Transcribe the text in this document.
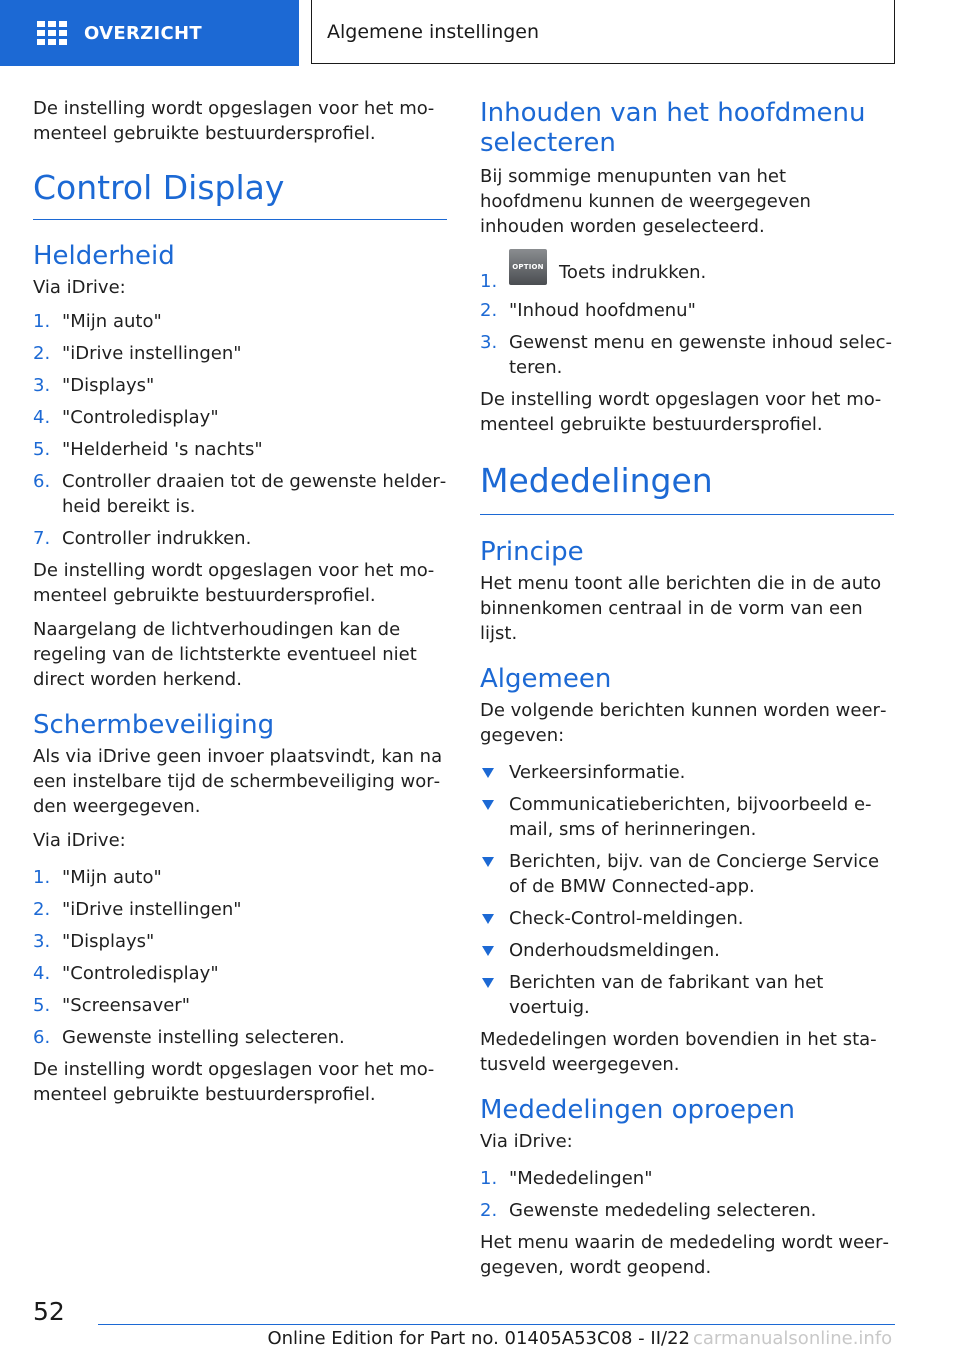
OVERZICHT	Algemene instellingen

De instelling wordt opgeslagen voor het momenteel gebruikte bestuurdersprofiel.

Control Display
Helderheid

Via iDrive:

1. "Mijn auto"
2. "iDrive instellingen"
3. "Displays"
4. "Controledisplay"
5. "Helderheid 's nachts"
6. Controller draaien tot de gewenste helderheid bereikt is.
7. Controller indrukken.

De instelling wordt opgeslagen voor het momenteel gebruikte bestuurdersprofiel.

Naargelang de lichtverhoudingen kan de regeling van de lichtsterkte eventueel niet direct worden herkend.

Schermbeveiliging

Als via iDrive geen invoer plaatsvindt, kan na een instelbare tijd de schermbeveiliging worden weergegeven.

Via iDrive:

1. "Mijn auto"
2. "iDrive instellingen"
3. "Displays"
4. "Controledisplay"
5. "Screensaver"
6. Gewenste instelling selecteren.

De instelling wordt opgeslagen voor het momenteel gebruikte bestuurdersprofiel.

Inhouden van het hoofdmenu selecteren

Bij sommige menupunten van het hoofdmenu kunnen de weergegeven inhouden worden geselecteerd.

1.
OPTION Toets indrukken.
2. "Inhoud hoofdmenu"
3. Gewenst menu en gewenste inhoud selecteren.

De instelling wordt opgeslagen voor het momenteel gebruikte bestuurdersprofiel.

Mededelingen
Principe

Het menu toont alle berichten die in de auto binnenkomen centraal in de vorm van een lijst.

Algemeen

De volgende berichten kunnen worden weergegeven:

Verkeersinformatie.
Communicatieberichten, bijvoorbeeld e-mail, sms of herinneringen.
Berichten, bijv. van de Concierge Service of de BMW Connected-app.
Check-Control-meldingen.
Onderhoudsmeldingen.
Berichten van de fabrikant van het voertuig.

Mededelingen worden bovendien in het statusveld weergegeven.

Mededelingen oproepen

Via iDrive:

1. "Mededelingen"
2. Gewenste mededeling selecteren.

Het menu waarin de mededeling wordt weergegeven, wordt geopend.

52
Online Edition for Part no. 01405A53C08 - II/22 carmanualsonline.info
